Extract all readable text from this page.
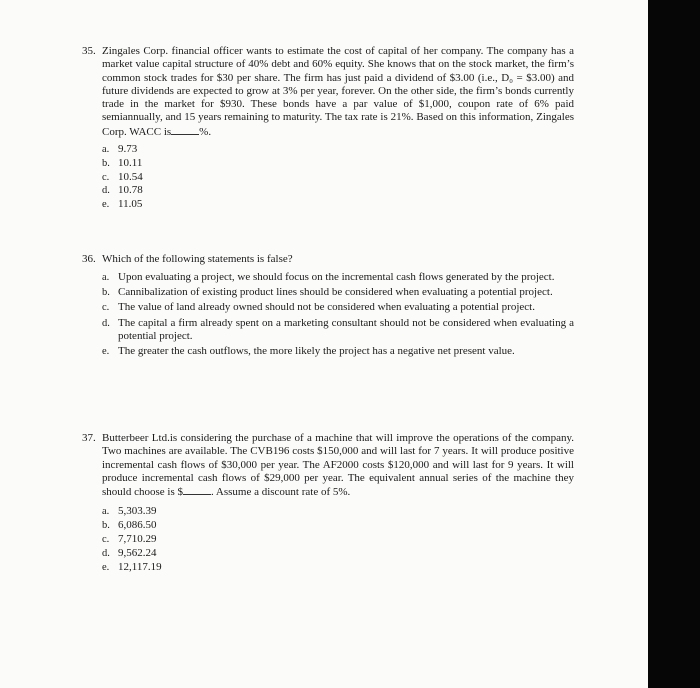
35. Zingales Corp. financial officer wants to estimate the cost of capital of her company. The company has a market value capital structure of 40% debt and 60% equity. She knows that on the stock market, the firm’s common stock trades for $30 per share. The firm has just paid a dividend of $3.00 (i.e., D₀ = $3.00) and future dividends are expected to grow at 3% per year, forever. On the other side, the firm’s bonds currently trade in the market for $930. These bonds have a par value of $1,000, coupon rate of 6% paid semiannually, and 15 years remaining to maturity. The tax rate is 21%. Based on this information, Zingales Corp. WACC is	%.
a. 9.73
b. 10.11
c. 10.54
d. 10.78
e. 11.05
36. Which of the following statements is false?
a. Upon evaluating a project, we should focus on the incremental cash flows generated by the project.
b. Cannibalization of existing product lines should be considered when evaluating a potential project.
c. The value of land already owned should not be considered when evaluating a potential project.
d. The capital a firm already spent on a marketing consultant should not be considered when evaluating a potential project.
e. The greater the cash outflows, the more likely the project has a negative net present value.
37. Butterbeer Ltd.is considering the purchase of a machine that will improve the operations of the company. Two machines are available. The CVB196 costs $150,000 and will last for 7 years. It will produce positive incremental cash flows of $30,000 per year. The AF2000 costs $120,000 and will last for 9 years. It will produce incremental cash flows of $29,000 per year. The equivalent annual series of the machine they should choose is $	. Assume a discount rate of 5%.
a. 5,303.39
b. 6,086.50
c. 7,710.29
d. 9,562.24
e. 12,117.19
